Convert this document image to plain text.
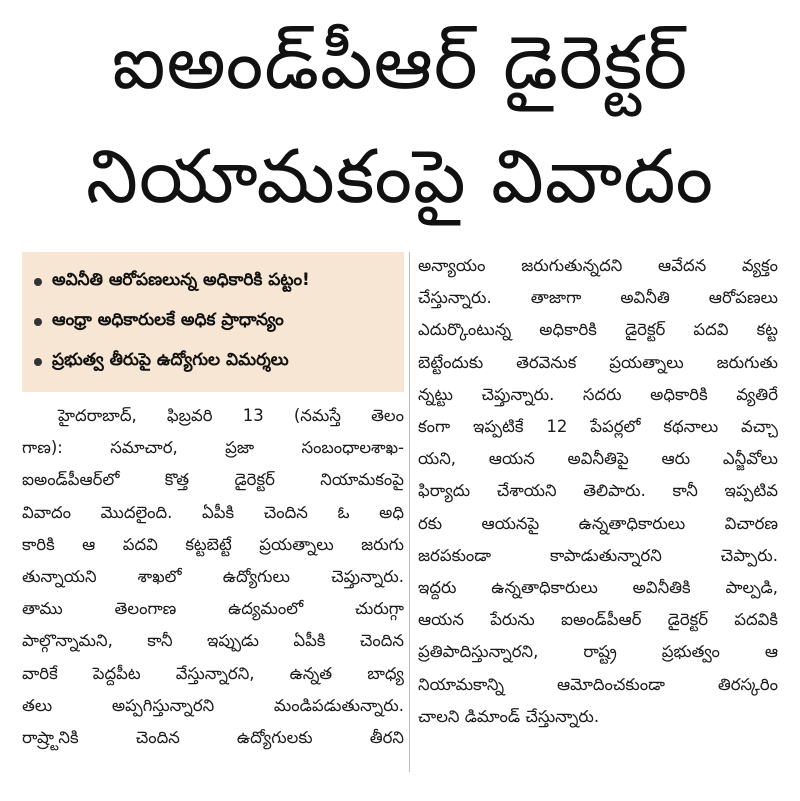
ఐఅండ్‌పీఆర్‌ డైరెక్టర్‌
నియామకంపై వివాదం
అవినీతి ఆరోపణలున్న అధికారికి పట్టం!
ఆంధ్రా అధికారులకే అధిక ప్రాధాన్యం
ప్రభుత్వ తీరుపై ఉద్యోగుల విమర్శలు
హైదరాబాద్‌, ఫిబ్రవరి 13 (నమస్తే తెలం
గాణ): సమాచార, ప్రజా సంబంధాలశాఖ-
ఐఅండ్‌పీఆర్‌లో కొత్త డైరెక్టర్‌ నియామకంపై
వివాదం మొదలైంది. ఏపీకి చెందిన ఓ అధి
కారికి ఆ పదవి కట్టబెట్టే ప్రయత్నాలు జరుగు
తున్నాయని శాఖలో ఉద్యోగులు చెప్తున్నారు.
తాము తెలంగాణ ఉద్యమంలో చురుగ్గా
పాల్గొన్నామని, కానీ ఇప్పుడు ఏపీకి చెందిన
వారికే పెద్దపీట వేస్తున్నారని, ఉన్నత బాధ్య
తలు అప్పగిస్తున్నారని మండిపడుతున్నారు.
రాష్ర్టానికి చెందిన ఉద్యోగులకు తీరని
అన్యాయం జరుగుతున్నదని ఆవేదన వ్యక్తం
చేస్తున్నారు. తాజాగా అవినీతి ఆరోపణలు
ఎదుర్కొంటున్న అధికారికి డైరెక్టర్‌ పదవి కట్ట
బెట్టేందుకు తెరవెనుక ప్రయత్నాలు జరుగుతు
న్నట్టు చెప్తున్నారు. సదరు అధికారికి వ్యతిరే
కంగా ఇప్పటికే 12 పేపర్లలో కథనాలు వచ్చా
యని, ఆయన అవినీతిపై ఆరు ఎన్జీవోలు
ఫిర్యాదు చేశాయని తెలిపారు. కానీ ఇప్పటివ
రకు ఆయనపై ఉన్నతాధికారులు విచారణ
జరపకుండా కాపాడుతున్నారని చెప్పారు.
ఇద్దరు ఉన్నతాధికారులు అవినీతికి పాల్పడి,
ఆయన పేరును ఐఅండ్‌పీఆర్‌ డైరెక్టర్‌ పదవికి
ప్రతిపాదిస్తున్నారని, రాష్ట్ర ప్రభుత్వం ఆ
నియామకాన్ని ఆమోదించకుండా తిరస్కరిం
చాలని డిమాండ్‌ చేస్తున్నారు.
